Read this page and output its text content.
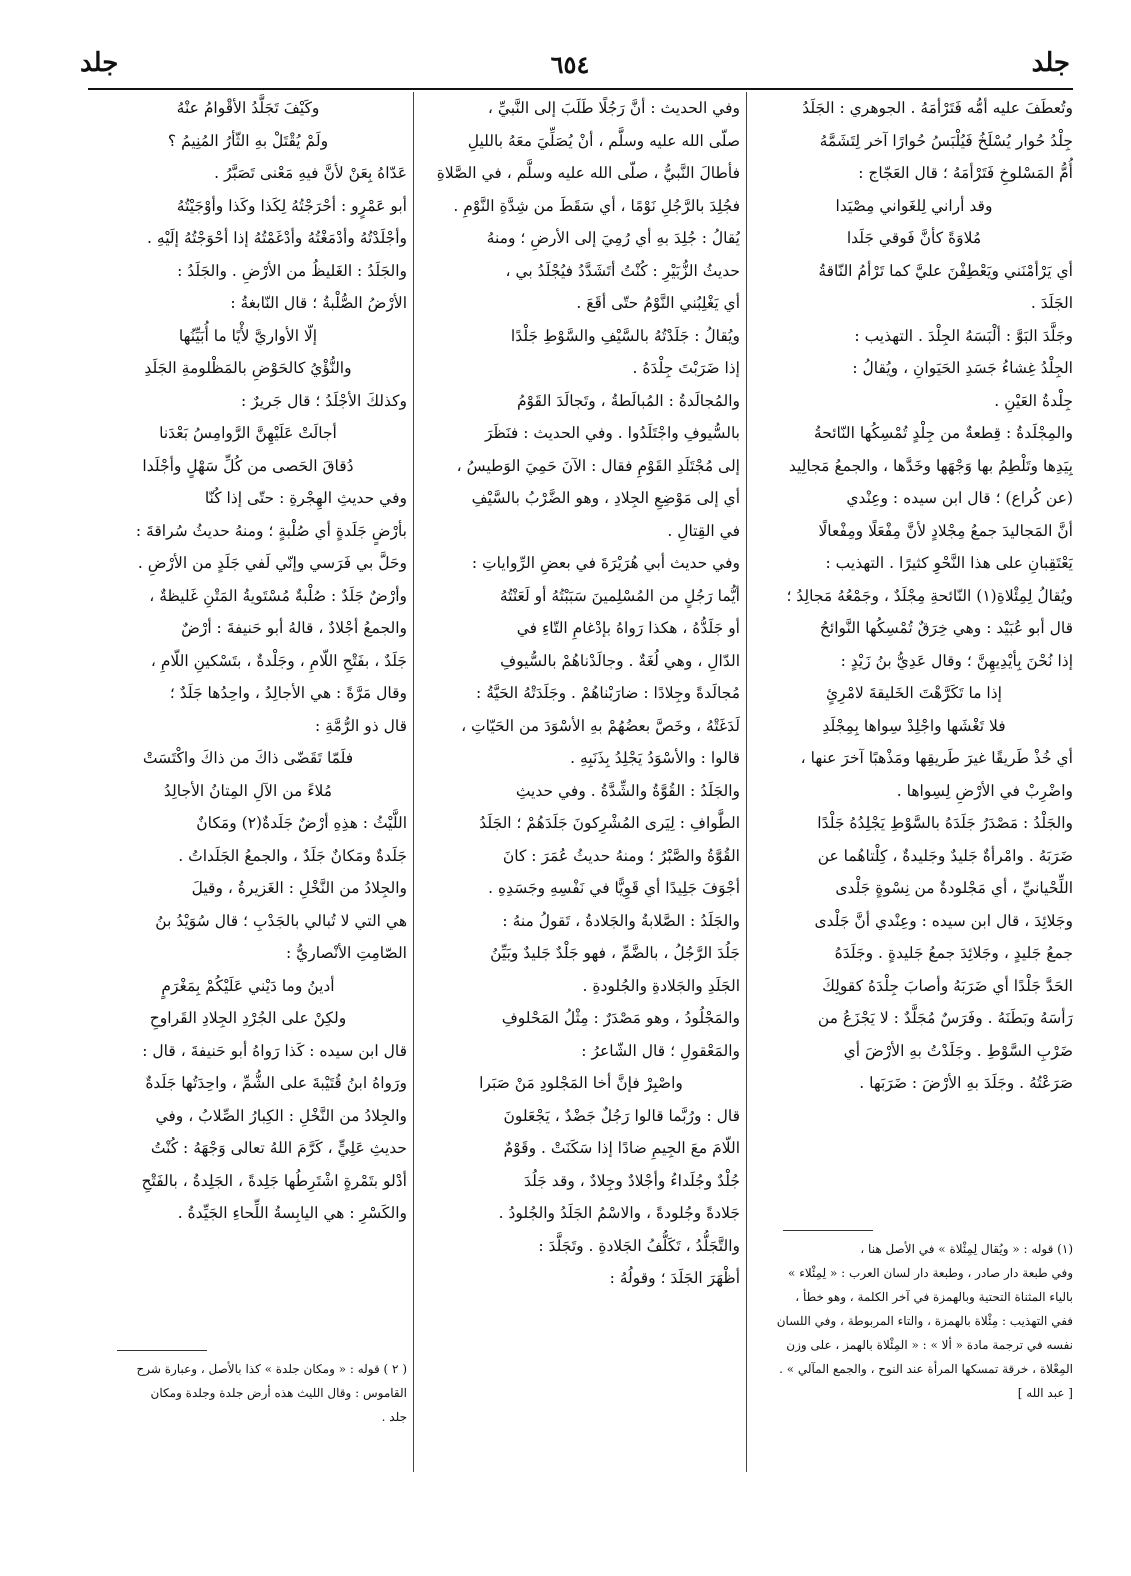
جلد
٦٥٤
جلد
وتُعطَفَ عليه أمُّه فَتَرْأمَهُ . الجوهري : الجَلَدُ
جِلْدُ حُوار يُسْلَخُ فَيُلْبَسُ حُوارًا آخر لِتَشَمَّهُ
أُمُّ المَسْلوخِ فَتَرْأمَهُ ؛ قال العَجّاج :
وقد أراني لِلغَواني مِصْيَدا
مُلاوَةً كأنَّ فَوقي جَلَدا
أي يَرْأمْنَني ويَعْطِفْنَ عليَّ كما تَرْأمُ النّاقةُ
الجَلَدَ .
وجَلَّدَ البَوَّ : ألْبَسَهُ الجِلْدَ . التهذيب :
الجِلْدُ غِشاءُ جَسَدِ الحَيَوانِ ، ويُقالُ :
جِلْدةُ العَيْنِ .
والمِجْلَدةُ : قِطعةٌ من جِلْدٍ تُمْسِكُها النّائحةُ
بِيَدِها وتَلْطِمُ بها وَجْهَها وخَدَّها ، والجمعُ مَجالِيد
(عن كُراع) ؛ قال ابن سيده : وعِنْدي
أنَّ المَجاليدَ جمعُ مِجْلادٍ لأنَّ مِفْعَلًا ومِفْعالًا
يَعْتَقِبانِ على هذا النَّحْوِ كثيرًا . التهذيب :
ويُقالُ لِمِئْلاةِ(١) النّائحةِ مِجْلَدٌ ، وجَمْعُهُ مَجالِدُ ؛
قال أبو عُبَيْد : وهي خِرَقٌ تُمْسِكُها النَّوائحُ
إذا نُحْنَ بِأيْدِيهِنَّ ؛ وقال عَدِيُّ بنُ زَيْدٍ :
إذا ما تَكَرَّهْتَ الخَليقةَ لامْرِئٍ
فلا تَغْشَها واجْلِدْ سِواها بِمِجْلَدِ
أي خُذْ طَريقًا غيرَ طَريقِها ومَذْهبًا آخرَ عنها ،
واضْرِبْ في الأرْضِ لِسِواها .
والجَلْدُ : مَصْدَرُ جَلَدَهُ بالسَّوْطِ يَجْلِدُهُ جَلْدًا
ضَرَبَهُ . وامْرأةٌ جَليدٌ وجَليدةٌ ، كِلْتاهُما عن
اللِّحْيانيِّ ، أي مَجْلودةٌ من نِسْوةٍ جَلْدى
وجَلائِدَ ، قال ابن سيده : وعِنْدي أنَّ جَلْدى
جمعُ جَليدٍ ، وجَلائِدَ جمعُ جَليدةٍ . وجَلَدَهُ
الحَدَّ جَلْدًا أي ضَرَبَهُ وأصابَ جِلْدَهُ كقولِكَ
رَأسَهُ وبَطَنَهُ . وفَرَسٌ مُجَلَّدٌ : لا يَجْزَعُ من
ضَرْبِ السَّوْطِ . وجَلَدْتُ بهِ الأرْضَ أي
صَرَعْتُهُ . وجَلَدَ بهِ الأرْضَ : ضَرَبَها .
(١) قوله : « ويُقال لِمِئْلاة » في الأصل هنا ،
وفي طبعة دار صادر ، وطبعة دار لسان العرب : « لِمِئْلاء »
بالياء المثناة التحتية وبالهمزة في آخر الكلمة ، وهو خطأ ،
ففي التهذيب : مِئْلاة بالهمزة ، والتاء المربوطة ، وفي اللسان
نفسه في ترجمة مادة « ألا » : « المِئْلاة بالهمز ، على وزن
المِعْلاة ، خرقة تمسكها المرأة عند النوح ، والجمع المآلي » .
[ عبد الله ]
وفي الحديث : أنَّ رَجُلًا طَلَبَ إلى النَّبيِّ ،
صلّى الله عليه وسلَّم ، أنْ يُصَلِّيَ معَهُ بالليلِ
فأطالَ النَّبيُّ ، صلّى الله عليه وسلَّم ، في الصَّلاةِ
فجُلِدَ بالرَّجُلِ نَوْمًا ، أي سَقَطَ من شِدَّةِ النَّوْمِ .
يُقالُ : جُلِدَ بهِ أي رُمِيَ إلى الأرضِ ؛ ومنهُ
حديثُ الزُّبَيْرِ : كُنْتُ أتَشَدَّدُ فيُجْلَدُ بي ،
أي يَغْلِبُني النَّوْمُ حتّى أقَعَ .
ويُقالُ : جَلَدْتُهُ بالسَّيْفِ والسَّوْطِ جَلْدًا
إذا ضَرَبْتَ جِلْدَهُ .
والمُجالَدةُ : المُبالَطةُ ، وتَجالَدَ القَوْمُ
بالسُّيوفِ واجْتَلَدُوا . وفي الحديث : فنَظَرَ
إلى مُجْتَلَدِ القَوْمِ فقال : الآنَ حَمِيَ الوَطيسُ ،
أي إلى مَوْضِعِ الجِلادِ ، وهو الضَّرْبُ بالسَّيْفِ
في القِتالِ .
وفي حديث أبي هُرَيْرَةَ في بعضِ الرِّواياتِ :
أيُّما رَجُلٍ من المُسْلِمينَ سَبَبْتُهُ أو لَعَنْتُهُ
أو جَلَدُّهُ ، هكذا رَواهُ بإدْغامِ التّاءِ في
الدّالِ ، وهي لُغَةٌ . وجالَدْناهُمْ بالسُّيوفِ
مُجالَدةً وجِلادًا : ضارَبْناهُمْ . وجَلَدَتْهُ الحَيَّةُ :
لَدَغَتْهُ ، وخَصَّ بعضُهُمْ بهِ الأسْوَدَ من الحَيّاتِ ،
قالوا : والأسْوَدُ يَجْلِدُ بِذَنَبِهِ .
والجَلَدُ : القُوَّةُ والشِّدَّةُ . وفي حديثِ
الطَّوافِ : لِيَرى المُشْرِكونَ جَلَدَهُمْ ؛ الجَلَدُ
القُوَّةُ والصَّبْرُ ؛ ومنهُ حديثُ عُمَرَ : كانَ
أجْوَفَ جَلِيدًا أي قَوِيًّا في نَفْسِهِ وجَسَدِهِ .
والجَلَدُ : الصَّلابةُ والجَلادةُ ، تَقولُ منهُ :
جَلُدَ الرَّجُلُ ، بالضَّمِّ ، فهو جَلْدٌ جَليدٌ وبَيِّنُ
الجَلَدِ والجَلادةِ والجُلودةِ .
والمَجْلُودُ ، وهو مَصْدَرٌ : مِثْلُ المَحْلوفِ
والمَعْقولِ ؛ قال الشّاعرُ :
واصْبِرْ فإنَّ أخا المَجْلودِ مَنْ صَبَرا
قال : ورُبَّما قالوا رَجُلٌ جَضْدٌ ، يَجْعَلونَ
اللّامَ معَ الجِيمِ ضادًا إذا سَكَنَتْ . وقَوْمٌ
جُلْدٌ وجُلَداءُ وأجْلادٌ وجِلادٌ ، وقد جَلُدَ
جَلادةً وجُلودةً ، والاسْمُ الجَلَدُ والجُلودُ .
والتَّجَلُّدُ ، تَكَلُّفُ الجَلادةِ . وتَجَلَّدَ :
أظْهَرَ الجَلَدَ ؛ وقولُهُ :
وكَيْفَ تَجَلَّدُ الأقْوامُ عنْهُ
ولَمْ يُقْتَلْ بهِ الثّأرُ المُنِيمُ ؟
عَدّاهُ بِعَنْ لأنَّ فيهِ مَعْنى تَصَبَّرُ .
أبو عَمْرٍو : أحْرَجْتُهُ لِكَذا وكَذا وأوْجَيْتُهُ
وأجْلَدْتُهُ وأدْمَغْتُهُ وأدْغَمْتُهُ إذا أحْوَجْتُهُ إلَيْهِ .
والجَلَدُ : الغَليظُ من الأرْضِ . والجَلَدُ :
الأرْضُ الصُّلْبةُ ؛ قال النّابغةُ :
إلّا الأواريَّ لأْيًا ما أُبَيِّنُها
والنُّؤْيُ كالحَوْضِ بالمَظْلومةِ الجَلَدِ
وكذلكَ الأجْلَدُ ؛ قال جَريرٌ :
أجالَتْ عَلَيْهِنَّ الرَّوامِسُ بَعْدَنا
دُقاقَ الحَصى من كُلِّ سَهْلٍ وأجْلَدا
وفي حديثِ الهِجْرةِ : حتّى إذا كُنّا
بأرْضٍ جَلَدةٍ أي صُلْبةٍ ؛ ومنهُ حديثُ سُراقةَ :
وحَلَّ بي فَرَسي وإنّي لَفي جَلَدٍ من الأرْضِ .
وأرْضٌ جَلَدٌ : صُلْبةٌ مُسْتَويةُ المَتْنِ غَليظةٌ ،
والجمعُ أجْلادٌ ، قالهُ أبو حَنيفةَ : أرْضٌ
جَلَدٌ ، بفَتْحِ اللّامِ ، وجَلْدةٌ ، بتَسْكينِ اللّامِ ،
وقال مَرَّةً : هي الأجالِدُ ، واحِدُها جَلَدٌ ؛
قال ذو الرُّمَّةِ :
فلَمّا تَقَضّى ذاكَ من ذاكَ واكْتَسَتْ
مُلاءً من الآلِ المِتانُ الأجالِدُ
اللَّيْثُ : هذِهِ أرْضٌ جَلَدةٌ(٢) ومَكانٌ
جَلَدةٌ ومَكانٌ جَلَدٌ ، والجمعُ الجَلَداتُ .
والجِلادُ من النَّخْلِ : الغَزيرةُ ، وقيلَ
هي التي لا تُبالي بالجَدْبِ ؛ قال سُوَيْدُ بنُ
الصّامِتِ الأنْصاريُّ :
أدينُ وما دَيْني عَلَيْكُمْ بِمَغْرَمٍ
ولكِنْ على الجُرْدِ الجِلادِ القَراوحِ
قال ابن سيده : كَذا رَواهُ أبو حَنيفةَ ، قال :
ورَواهُ ابنُ قُتَيْبةَ على الشُّمِّ ، واحِدَتُها جَلَدةٌ
والجِلادُ من النَّخْلِ : الكِبارُ الصِّلابُ ، وفي
حديثِ عَلِيٍّ ، كَرَّمَ اللهُ تعالى وَجْهَهُ : كُنْتُ
أدْلو بتَمْرةٍ اشْتَرِطُها جَلِدةً ، الجَلِدةُ ، بالفَتْحِ
والكَسْرِ : هي اليابِسةُ اللِّحاءِ الجَيِّدةُ .
( ٢ ) قوله : « ومكان جلدة » كذا بالأصل ، وعبارة شرح
القاموس : وقال الليث هذه أرض جلدة وجلدة ومكان
جلد .
